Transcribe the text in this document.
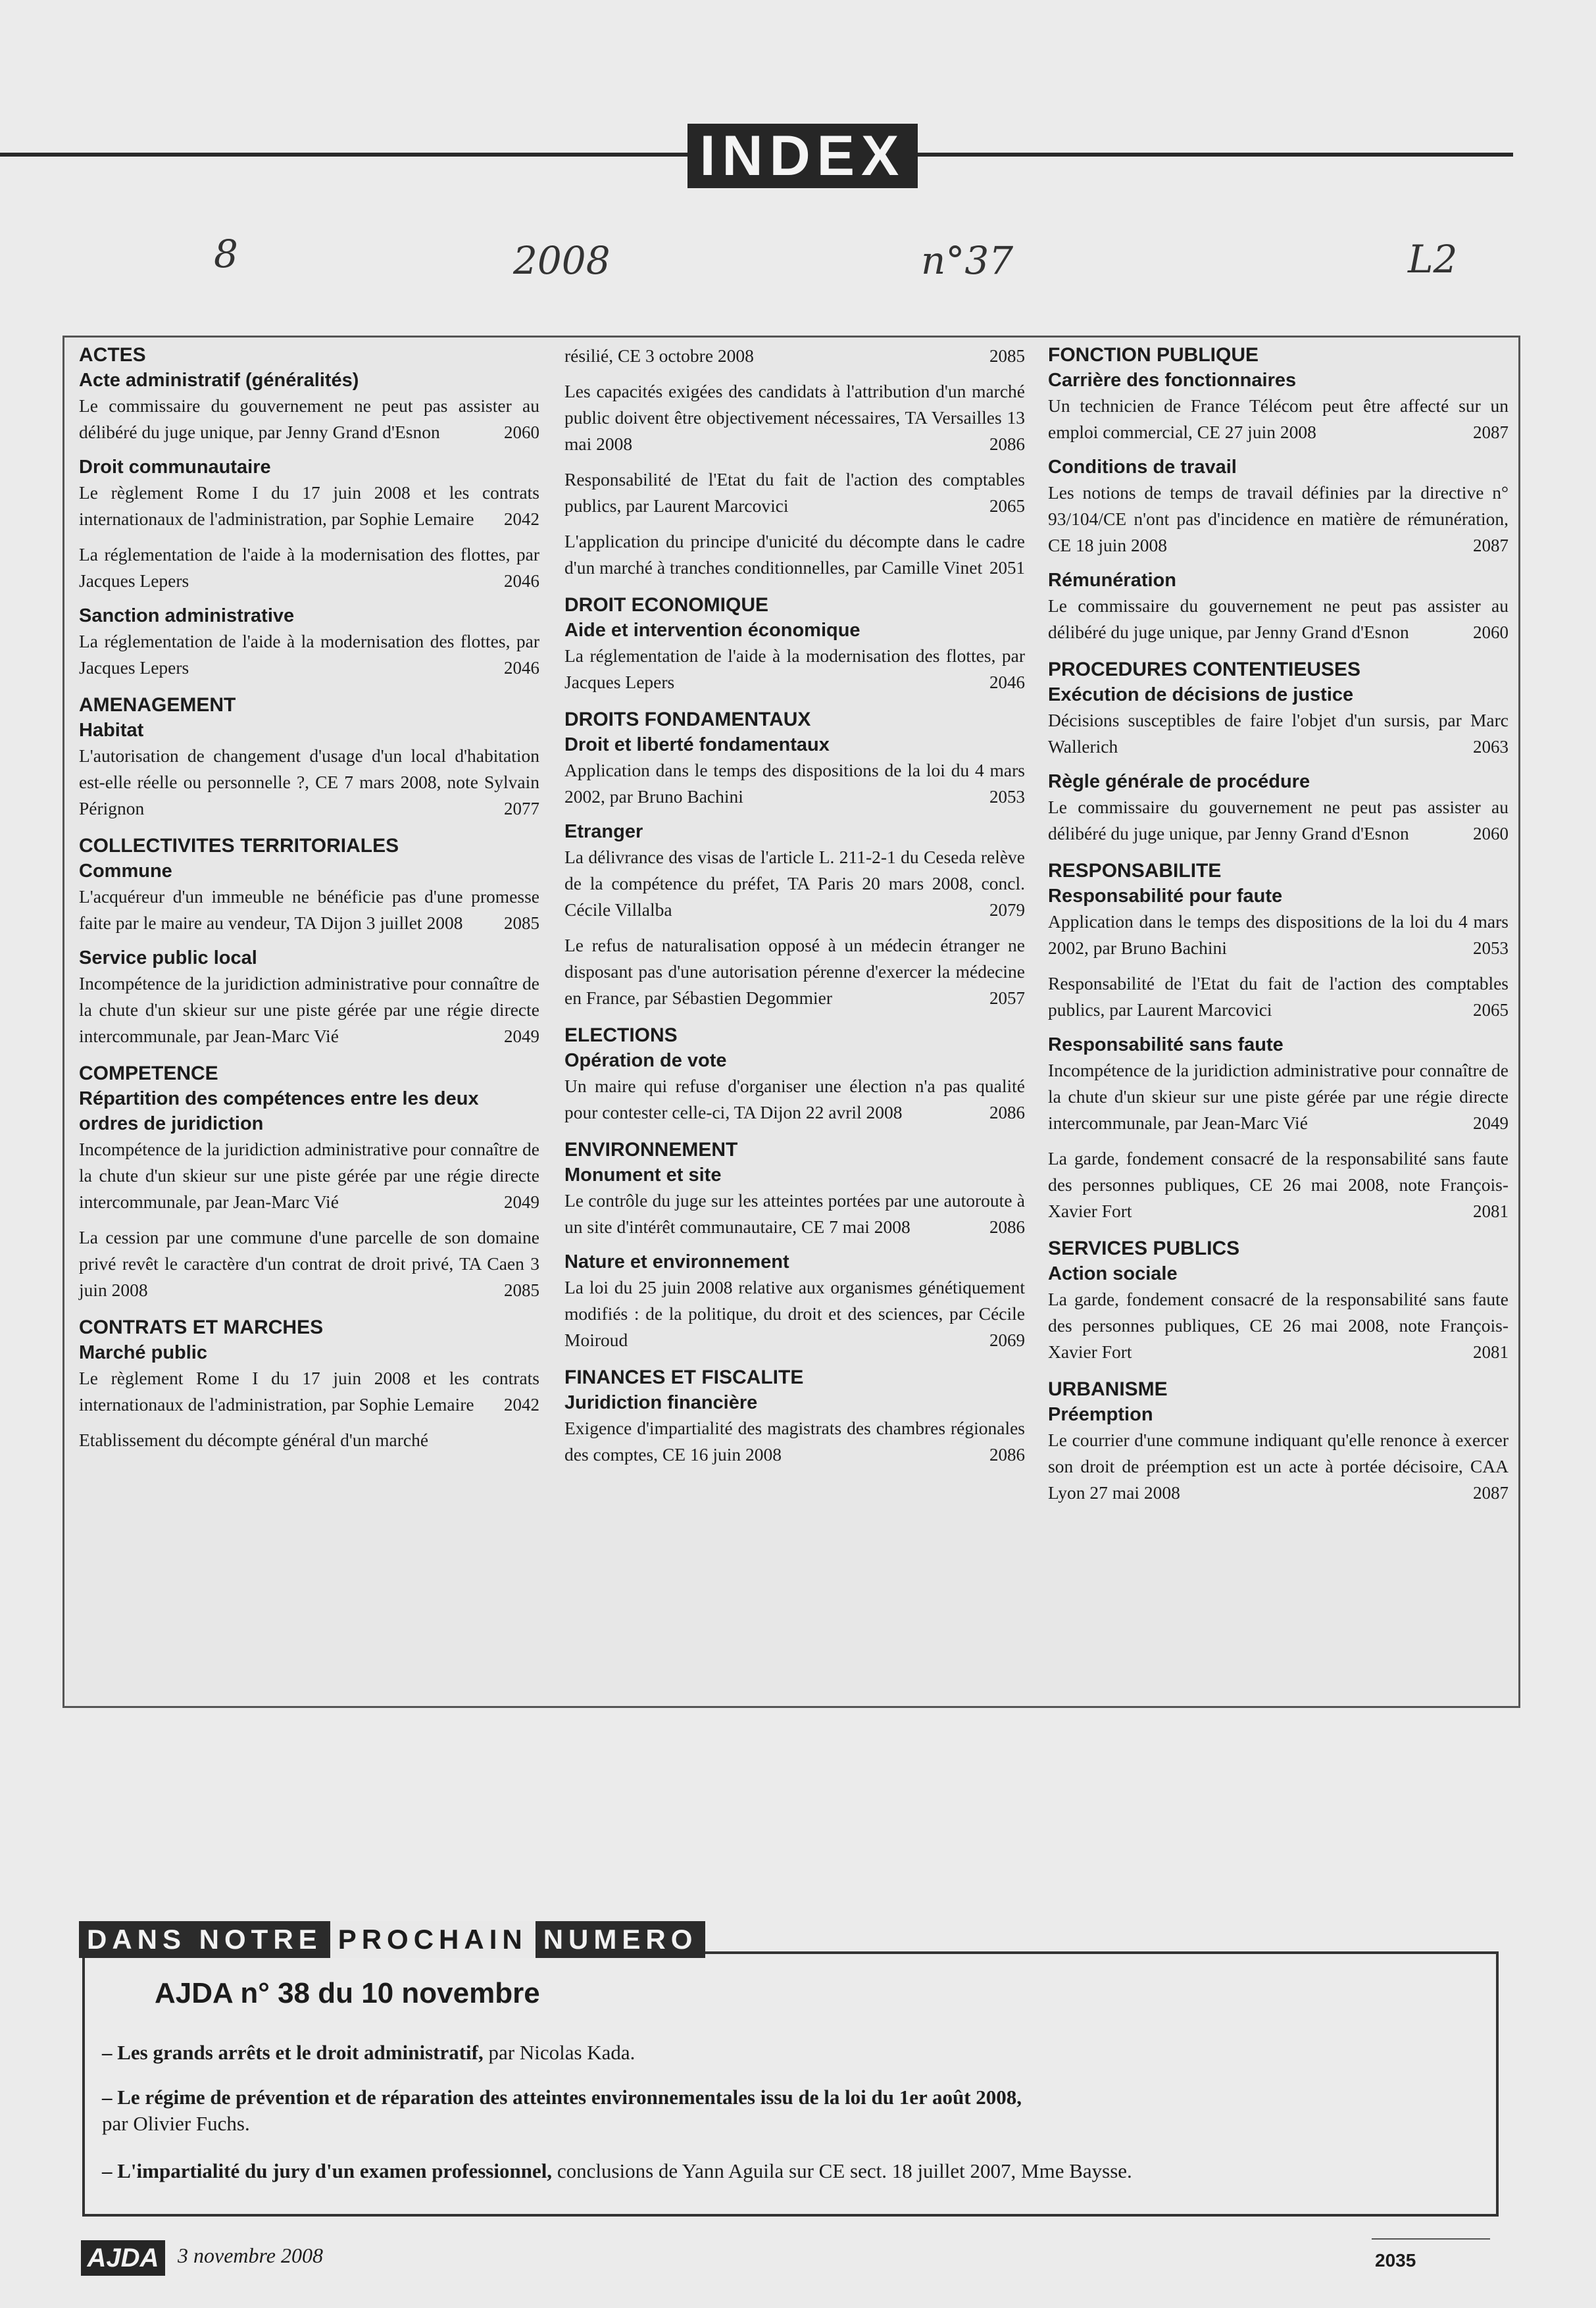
INDEX
8	2008	n°37	L2
ACTES
Acte administratif (généralités)
Le commissaire du gouvernement ne peut pas assister au délibéré du juge unique, par Jenny Grand d'Esnon	2060
Droit communautaire
Le règlement Rome I du 17 juin 2008 et les contrats internationaux de l'administration, par Sophie Lemaire 2042
La réglementation de l'aide à la modernisation des flottes, par Jacques Lepers	2046
Sanction administrative
La réglementation de l'aide à la modernisation des flottes, par Jacques Lepers	2046
AMENAGEMENT
Habitat
L'autorisation de changement d'usage d'un local d'habitation est-elle réelle ou personnelle ?, CE 7 mars 2008, note Sylvain Pérignon	2077
COLLECTIVITES TERRITORIALES
Commune
L'acquéreur d'un immeuble ne bénéficie pas d'une promesse faite par le maire au vendeur, TA Dijon 3 juillet 2008 2085
Service public local
Incompétence de la juridiction administrative pour connaître de la chute d'un skieur sur une piste gérée par une régie directe intercommunale, par Jean-Marc Vié	2049
COMPETENCE
Répartition des compétences entre les deux ordres de juridiction
Incompétence de la juridiction administrative pour connaître de la chute d'un skieur sur une piste gérée par une régie directe intercommunale, par Jean-Marc Vié	2049
La cession par une commune d'une parcelle de son domaine privé revêt le caractère d'un contrat de droit privé, TA Caen 3 juin 2008	2085
CONTRATS ET MARCHES
Marché public
Le règlement Rome I du 17 juin 2008 et les contrats internationaux de l'administration, par Sophie Lemaire 2042
Etablissement du décompte général d'un marché
résilié, CE 3 octobre 2008	2085
Les capacités exigées des candidats à l'attribution d'un marché public doivent être objectivement nécessaires, TA Versailles 13 mai 2008	2086
Responsabilité de l'Etat du fait de l'action des comptables publics, par Laurent Marcovici	2065
L'application du principe d'unicité du décompte dans le cadre d'un marché à tranches conditionnelles, par Camille Vinet 2051
DROIT ECONOMIQUE
Aide et intervention économique
La réglementation de l'aide à la modernisation des flottes, par Jacques Lepers	2046
DROITS FONDAMENTAUX
Droit et liberté fondamentaux
Application dans le temps des dispositions de la loi du 4 mars 2002, par Bruno Bachini	2053
Etranger
La délivrance des visas de l'article L. 211-2-1 du Ceseda relève de la compétence du préfet, TA Paris 20 mars 2008, concl. Cécile Villalba	2079
Le refus de naturalisation opposé à un médecin étranger ne disposant pas d'une autorisation pérenne d'exercer la médecine en France, par Sébastien Degommier	2057
ELECTIONS
Opération de vote
Un maire qui refuse d'organiser une élection n'a pas qualité pour contester celle-ci, TA Dijon 22 avril 2008	2086
ENVIRONNEMENT
Monument et site
Le contrôle du juge sur les atteintes portées par une autoroute à un site d'intérêt communautaire, CE 7 mai 2008	2086
Nature et environnement
La loi du 25 juin 2008 relative aux organismes génétiquement modifiés : de la politique, du droit et des sciences, par Cécile Moiroud	2069
FINANCES ET FISCALITE
Juridiction financière
Exigence d'impartialité des magistrats des chambres régionales des comptes, CE 16 juin 2008	2086
FONCTION PUBLIQUE
Carrière des fonctionnaires
Un technicien de France Télécom peut être affecté sur un emploi commercial, CE 27 juin 2008	2087
Conditions de travail
Les notions de temps de travail définies par la directive n° 93/104/CE n'ont pas d'incidence en matière de rémunération, CE 18 juin 2008	2087
Rémunération
Le commissaire du gouvernement ne peut pas assister au délibéré du juge unique, par Jenny Grand d'Esnon	2060
PROCEDURES CONTENTIEUSES
Exécution de décisions de justice
Décisions susceptibles de faire l'objet d'un sursis, par Marc Wallerich	2063
Règle générale de procédure
Le commissaire du gouvernement ne peut pas assister au délibéré du juge unique, par Jenny Grand d'Esnon	2060
RESPONSABILITE
Responsabilité pour faute
Application dans le temps des dispositions de la loi du 4 mars 2002, par Bruno Bachini	2053
Responsabilité de l'Etat du fait de l'action des comptables publics, par Laurent Marcovici	2065
Responsabilité sans faute
Incompétence de la juridiction administrative pour connaître de la chute d'un skieur sur une piste gérée par une régie directe intercommunale, par Jean-Marc Vié	2049
La garde, fondement consacré de la responsabilité sans faute des personnes publiques, CE 26 mai 2008, note François-Xavier Fort	2081
SERVICES PUBLICS
Action sociale
La garde, fondement consacré de la responsabilité sans faute des personnes publiques, CE 26 mai 2008, note François-Xavier Fort	2081
URBANISME
Préemption
Le courrier d'une commune indiquant qu'elle renonce à exercer son droit de préemption est un acte à portée décisoire, CAA Lyon 27 mai 2008	2087
DANS NOTRE PROCHAIN NUMERO
AJDA n° 38 du 10 novembre
– Les grands arrêts et le droit administratif, par Nicolas Kada.
– Le régime de prévention et de réparation des atteintes environnementales issu de la loi du 1er août 2008,
par Olivier Fuchs.
– L'impartialité du jury d'un examen professionnel, conclusions de Yann Aguila sur CE sect. 18 juillet 2007, Mme Baysse.
AJDA 3 novembre 2008	2035
